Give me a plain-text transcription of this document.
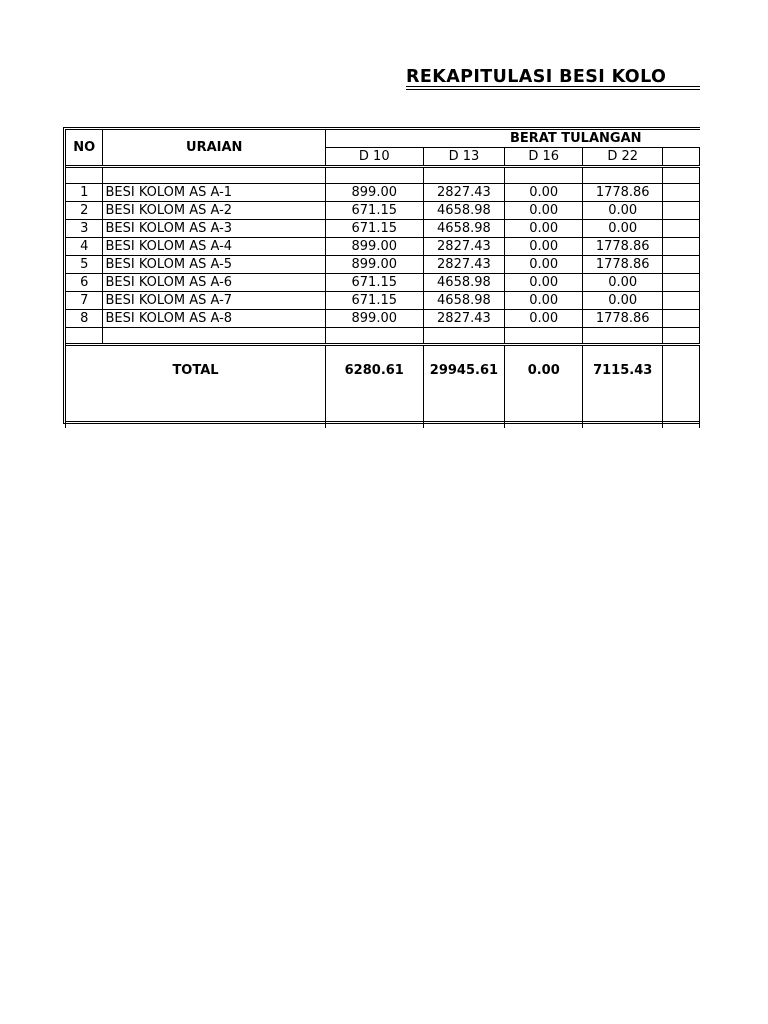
REKAPITULASI BESI KOLO
NO	URAIAN	BERAT TULANGAN				
		D 10	D 13	D 16	D 22	

1	BESI KOLOM AS A-1	899.00	2827.43	0.00	1778.86	
2	BESI KOLOM AS A-2	671.15	4658.98	0.00	0.00	
3	BESI KOLOM AS A-3	671.15	4658.98	0.00	0.00	
4	BESI KOLOM AS A-4	899.00	2827.43	0.00	1778.86	
5	BESI KOLOM AS A-5	899.00	2827.43	0.00	1778.86	
6	BESI KOLOM AS A-6	671.15	4658.98	0.00	0.00	
7	BESI KOLOM AS A-7	671.15	4658.98	0.00	0.00	
8	BESI KOLOM AS A-8	899.00	2827.43	0.00	1778.86	

TOTAL		6280.61	29945.61	0.00	7115.43	
